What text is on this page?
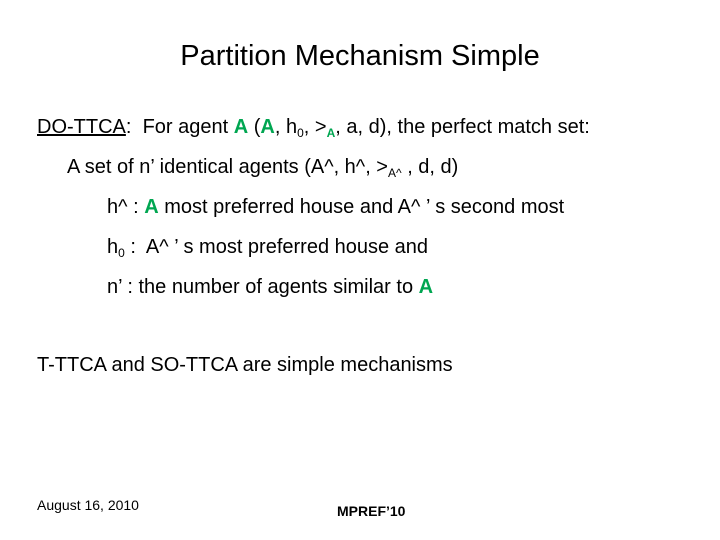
Partition Mechanism Simple
DO-TTCA:  For agent A (A, $h_0$, $>_A$, a, d), the perfect match set:
A set of n’ identical agents (A^, h^, $>_{A\^{}}$ , d, d)
h^ : A most preferred house and A^ ’ s second most
$h_0$ :  A^ ’ s most preferred house and
n’ : the number of agents similar to A
T-TTCA and SO-TTCA are simple mechanisms
August 16, 2010	MPREF’10
